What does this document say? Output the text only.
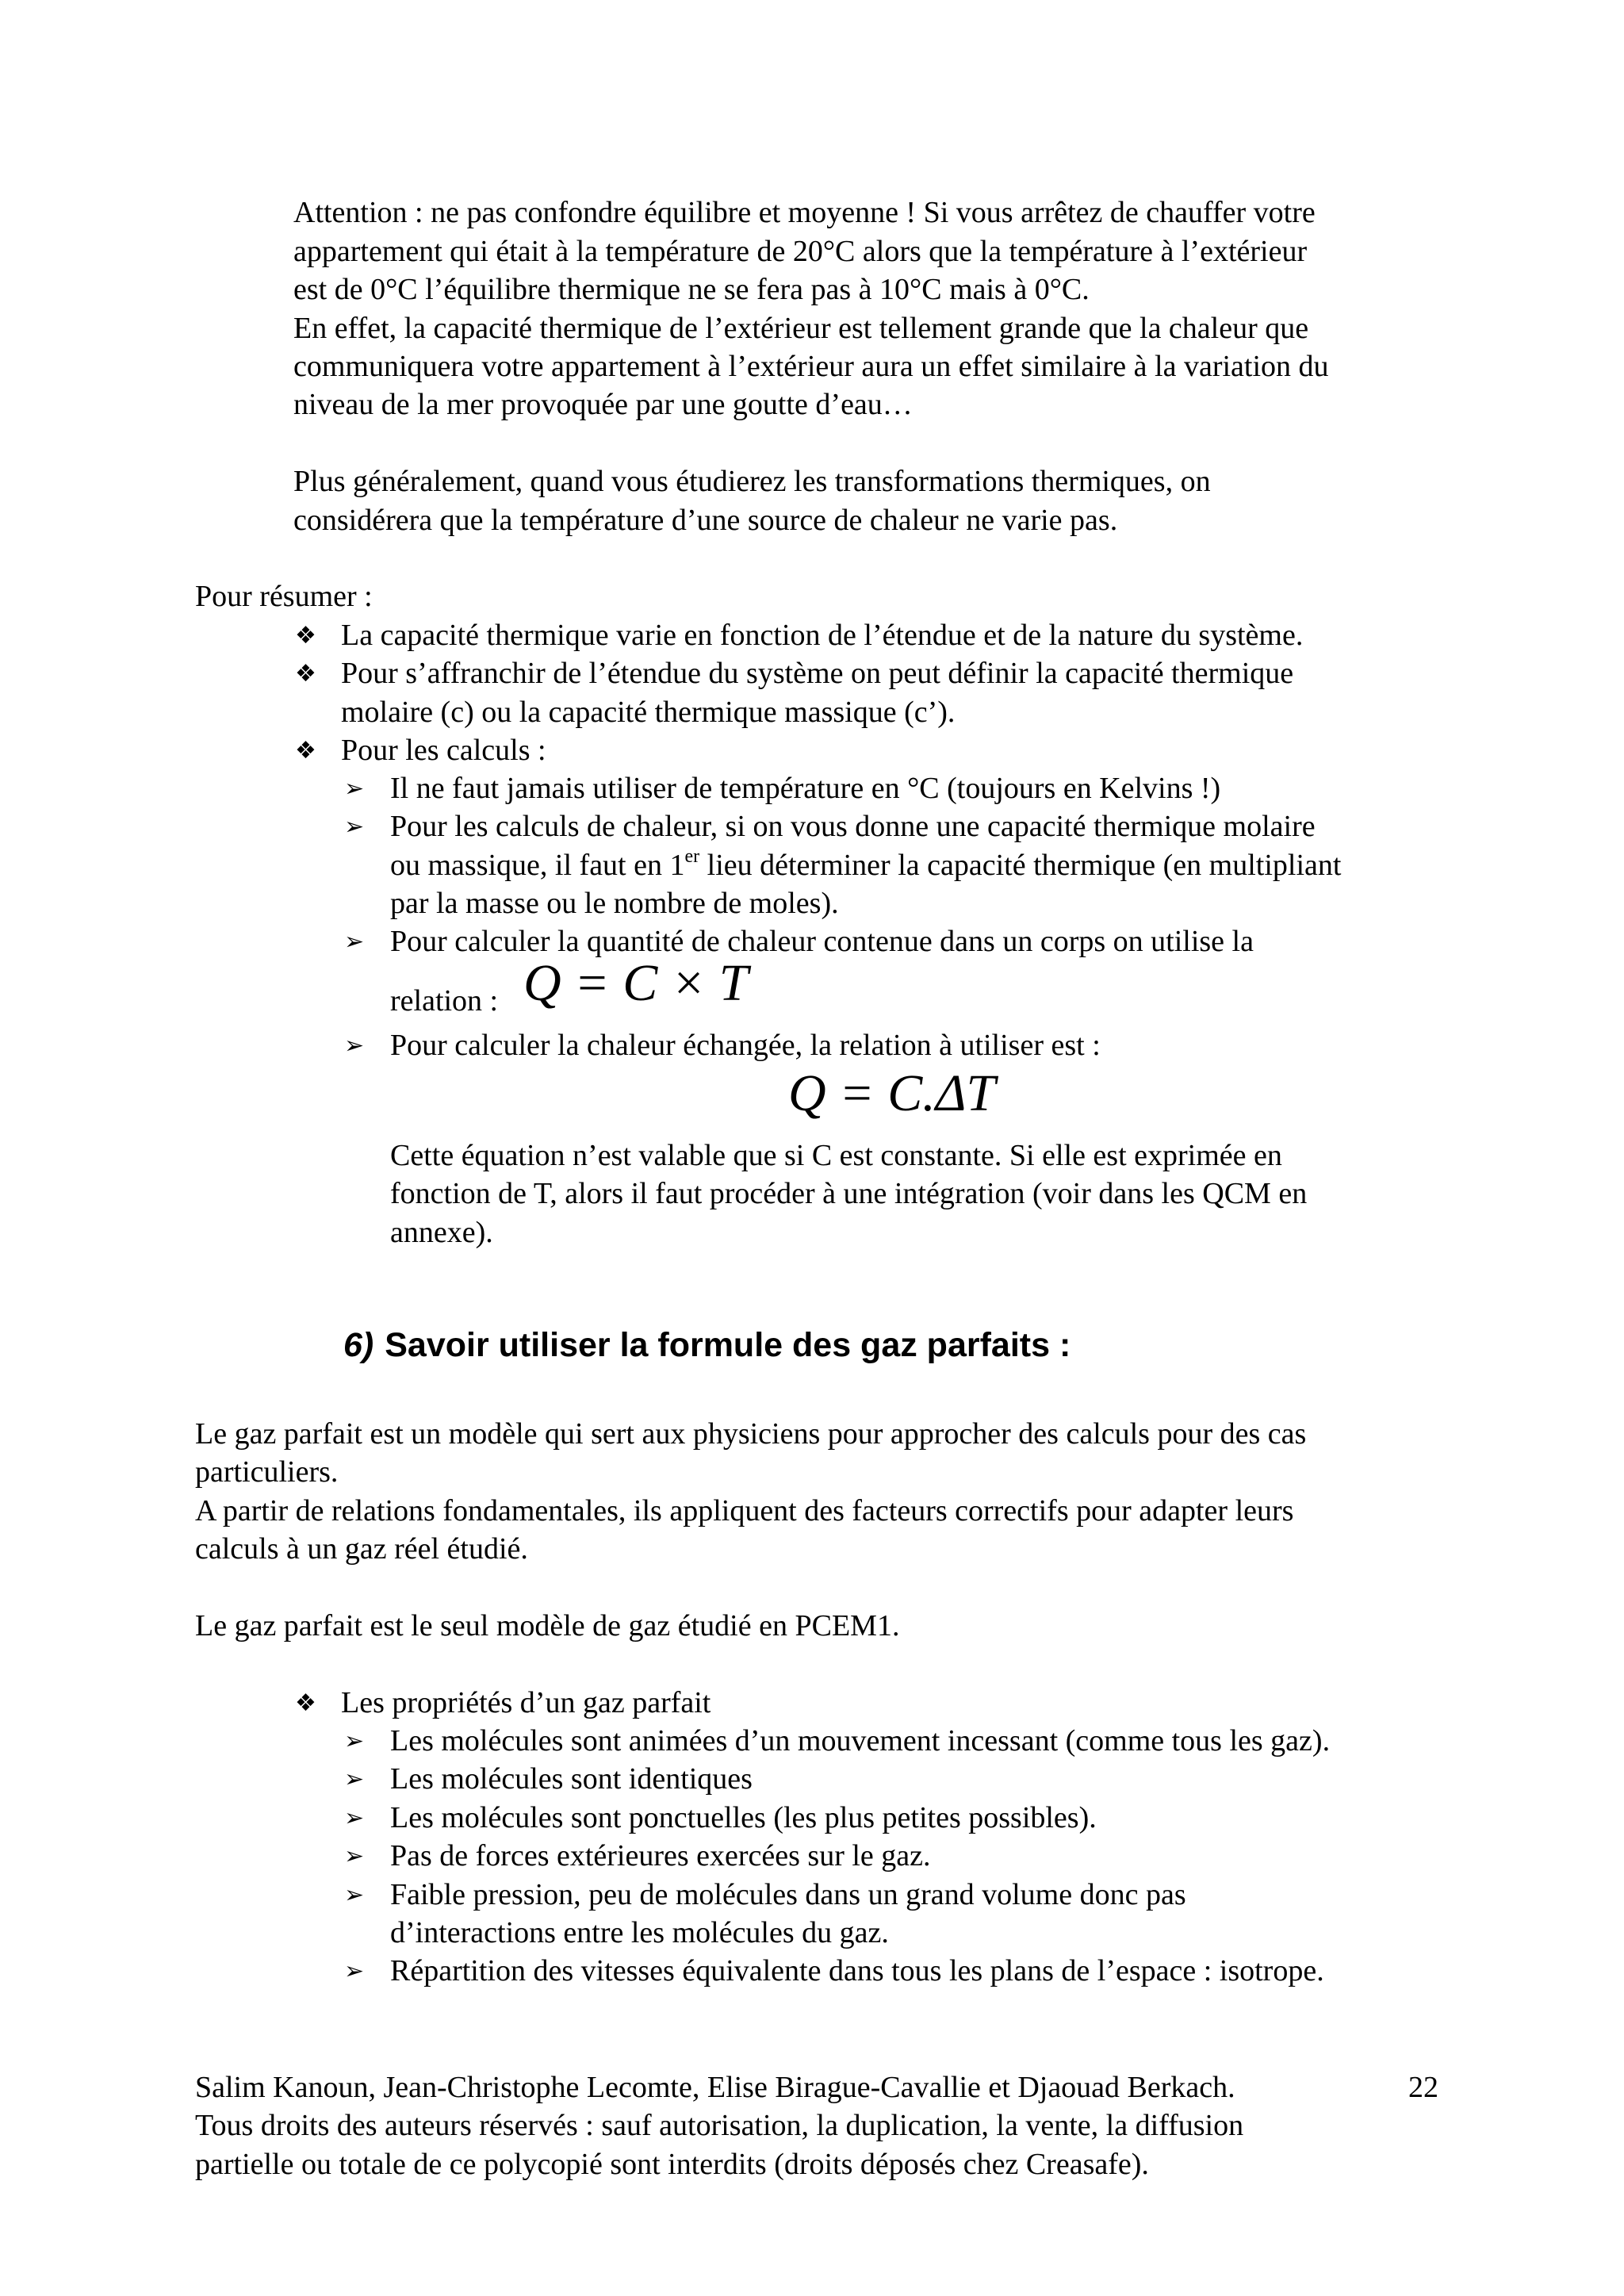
Attention : ne pas confondre équilibre et moyenne ! Si vous arrêtez de chauffer votre
appartement qui était à la température de 20°C alors que la température à l’extérieur
est de 0°C l’équilibre thermique ne se fera pas à 10°C mais à 0°C.
En effet, la capacité thermique de l’extérieur est tellement grande que la chaleur que
communiquera votre appartement à l’extérieur aura un effet similaire à la variation du
niveau de la mer provoquée par une goutte d’eau…
Plus généralement, quand vous étudierez les transformations thermiques, on
considérera que la température d’une source de chaleur ne varie pas.
Pour résumer :
❖ La capacité thermique varie en fonction de l’étendue et de la nature du système.
❖ Pour s’affranchir de l’étendue du système on peut définir la capacité thermique
molaire (c) ou la capacité thermique massique (c’).
❖ Pour les calculs :
➢ Il ne faut jamais utiliser de température en °C (toujours en Kelvins !)
➢ Pour les calculs de chaleur, si on vous donne une capacité thermique molaire
ou massique, il faut en 1er lieu déterminer la capacité thermique (en multipliant
par la masse ou le nombre de moles).
➢ Pour calculer la quantité de chaleur contenue dans un corps on utilise la
relation : Q = C × T
➢ Pour calculer la chaleur échangée, la relation à utiliser est :
Q = C.ΔT
Cette équation n’est valable que si C est constante. Si elle est exprimée en
fonction de T, alors il faut procéder à une intégration (voir dans les QCM en
annexe).
6) Savoir utiliser la formule des gaz parfaits :
Le gaz parfait est un modèle qui sert aux physiciens pour approcher des calculs pour des cas
particuliers.
A partir de relations fondamentales, ils appliquent des facteurs correctifs pour adapter leurs
calculs à un gaz réel étudié.
Le gaz parfait est le seul modèle de gaz étudié en PCEM1.
❖ Les propriétés d’un gaz parfait
➢ Les molécules sont animées d’un mouvement incessant (comme tous les gaz).
➢ Les molécules sont identiques
➢ Les molécules sont ponctuelles (les plus petites possibles).
➢ Pas de forces extérieures exercées sur le gaz.
➢ Faible pression, peu de molécules dans un grand volume donc pas
d’interactions entre les molécules du gaz.
➢ Répartition des vitesses équivalente dans tous les plans de l’espace : isotrope.
Salim Kanoun, Jean-Christophe Lecomte, Elise Birague-Cavallie et Djaouad Berkach.	22
Tous droits des auteurs réservés : sauf autorisation, la duplication, la vente, la diffusion
partielle ou totale de ce polycopié sont interdits (droits déposés chez Creasafe).
